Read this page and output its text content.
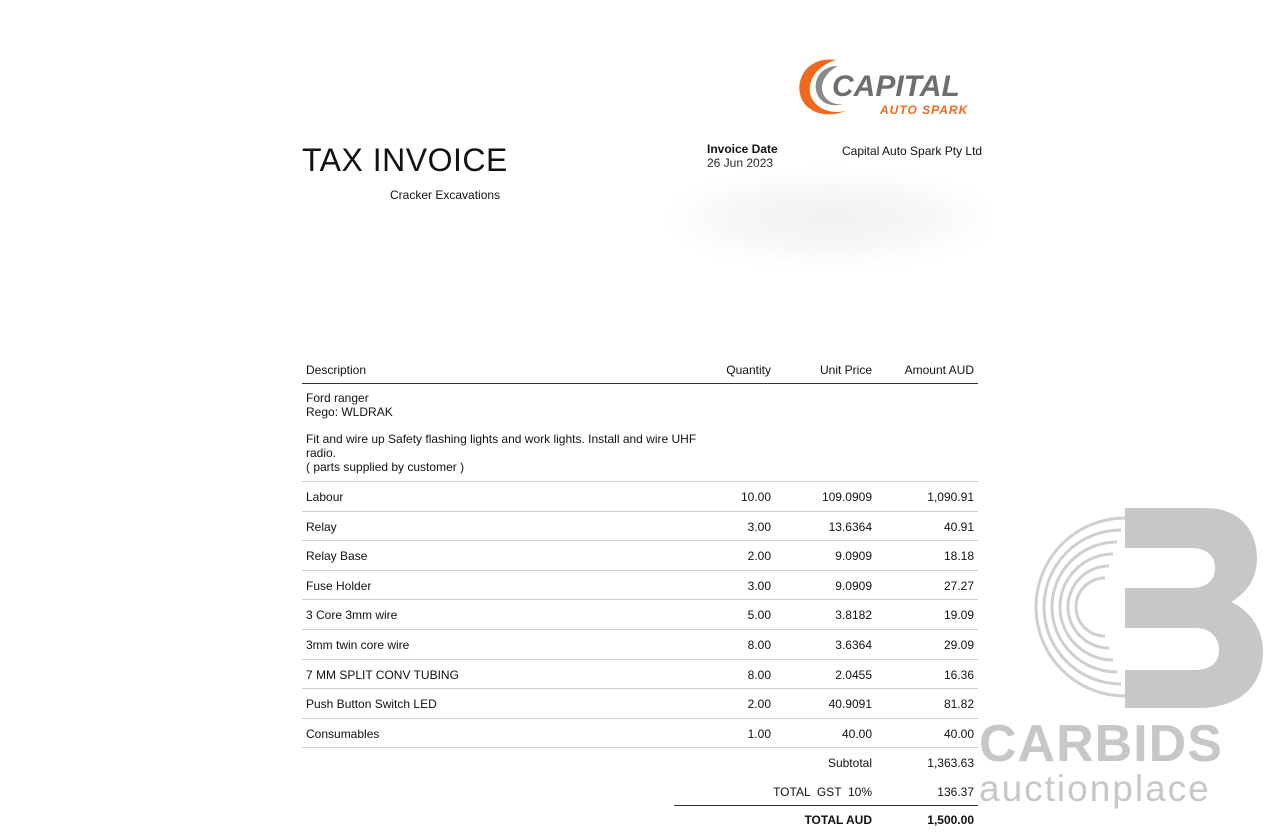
CAPITAL
AUTO SPARK
TAX INVOICE
Cracker Excavations
Invoice Date
26 Jun 2023
Capital Auto Spark Pty Ltd
Description	Quantity	Unit Price	Amount AUD

Ford ranger

Rego: WLDRAK

Fit and wire up Safety flashing lights and work lights. Install and wire UHF

radio.

( parts supplied by customer )

Labour	10.00	109.0909	1,090.91
Relay	3.00	13.6364	40.91
Relay Base	2.00	9.0909	18.18
Fuse Holder	3.00	9.0909	27.27
3 Core 3mm wire	5.00	3.8182	19.09
3mm twin core wire	8.00	3.6364	29.09
7 MM SPLIT CONV TUBING	8.00	2.0455	16.36
Push Button Switch LED	2.00	40.9091	81.82
Consumables	1.00	40.00	40.00
Subtotal	1,363.63
TOTAL  GST  10%	136.37
TOTAL AUD	1,500.00
CARBIDS
auctionplace
